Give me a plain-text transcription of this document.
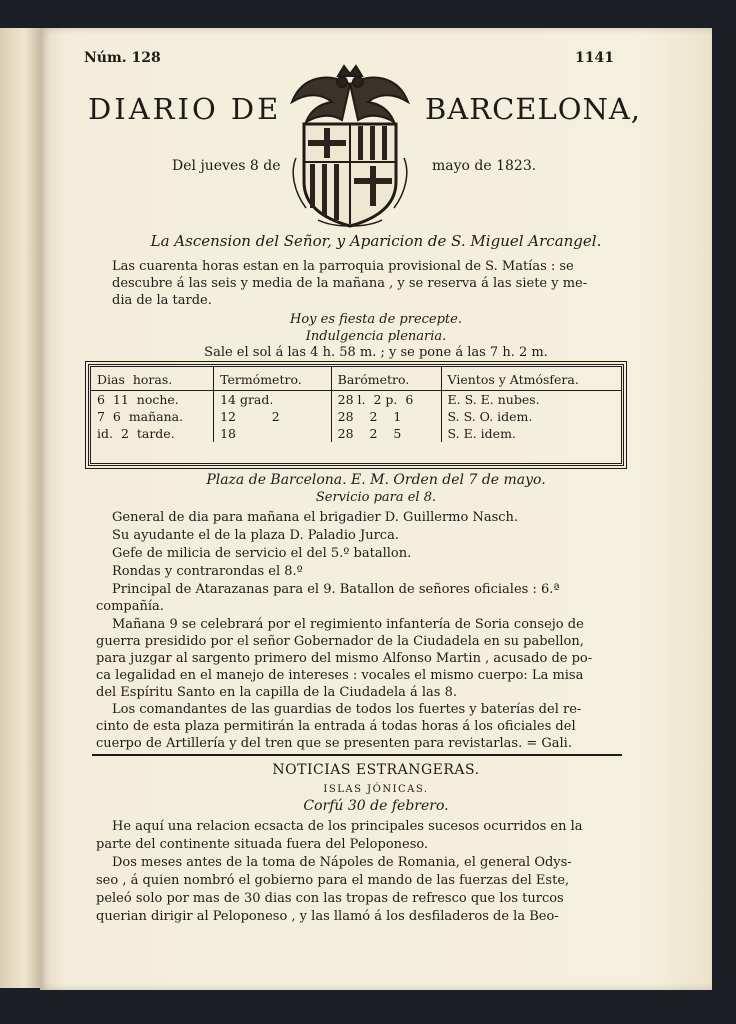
Núm. 128	1141
DIARIO DE	BARCELONA,
Del jueves 8 de	mayo de 1823.
La Ascension del Señor, y Aparicion de S. Miguel Arcangel.
Las cuarenta horas estan en la parroquia provisional de S. Matías : se
descubre á las seis y media de la mañana , y se reserva á las siete y me-
dia de la tarde.
Hoy es fiesta de precepte.
Indulgencia plenaria.
Sale el sol á las 4 h. 58 m. ; y se pone á las 7 h. 2 m.
Dias horas.	Termómetro.	Barómetro.	Vientos y Atmósfera.
6 11 noche.	14 grad.	28 l. 2 p. 6	E. S. E. nubes.
7 6 mañana.	12 2	28 2 1	S. S. O. idem.
id. 2 tarde.	18	28 2 5	S. E. idem.
Plaza de Barcelona. E. M. Orden del 7 de mayo.
Servicio para el 8.
General de dia para mañana el brigadier D. Guillermo Nasch.
Su ayudante el de la plaza D. Paladio Jurca.
Gefe de milicia de servicio el del 5.º batallon.
Rondas y contrarondas el 8.º
Principal de Atarazanas para el 9. Batallon de señores oficiales : 6.ª
compañía.
Mañana 9 se celebrará por el regimiento infantería de Soria consejo de
guerra presidido por el señor Gobernador de la Ciudadela en su pabellon,
para juzgar al sargento primero del mismo Alfonso Martin , acusado de po-
ca legalidad en el manejo de intereses : vocales el mismo cuerpo: La misa
del Espíritu Santo en la capilla de la Ciudadela á las 8.
Los comandantes de las guardias de todos los fuertes y baterías del re-
cinto de esta plaza permitirán la entrada á todas horas á los oficiales del
cuerpo de Artillería y del tren que se presenten para revistarlas. = Gali.
NOTICIAS ESTRANGERAS.
ISLAS JÓNICAS.
Corfú 30 de febrero.
He aquí una relacion ecsacta de los principales sucesos ocurridos en la
parte del continente situada fuera del Peloponeso.
Dos meses antes de la toma de Nápoles de Romania, el general Odys-
seo , á quien nombró el gobierno para el mando de las fuerzas del Este,
peleó solo por mas de 30 dias con las tropas de refresco que los turcos
querian dirigir al Peloponeso , y las llamó á los desfiladeros de la Beo-
